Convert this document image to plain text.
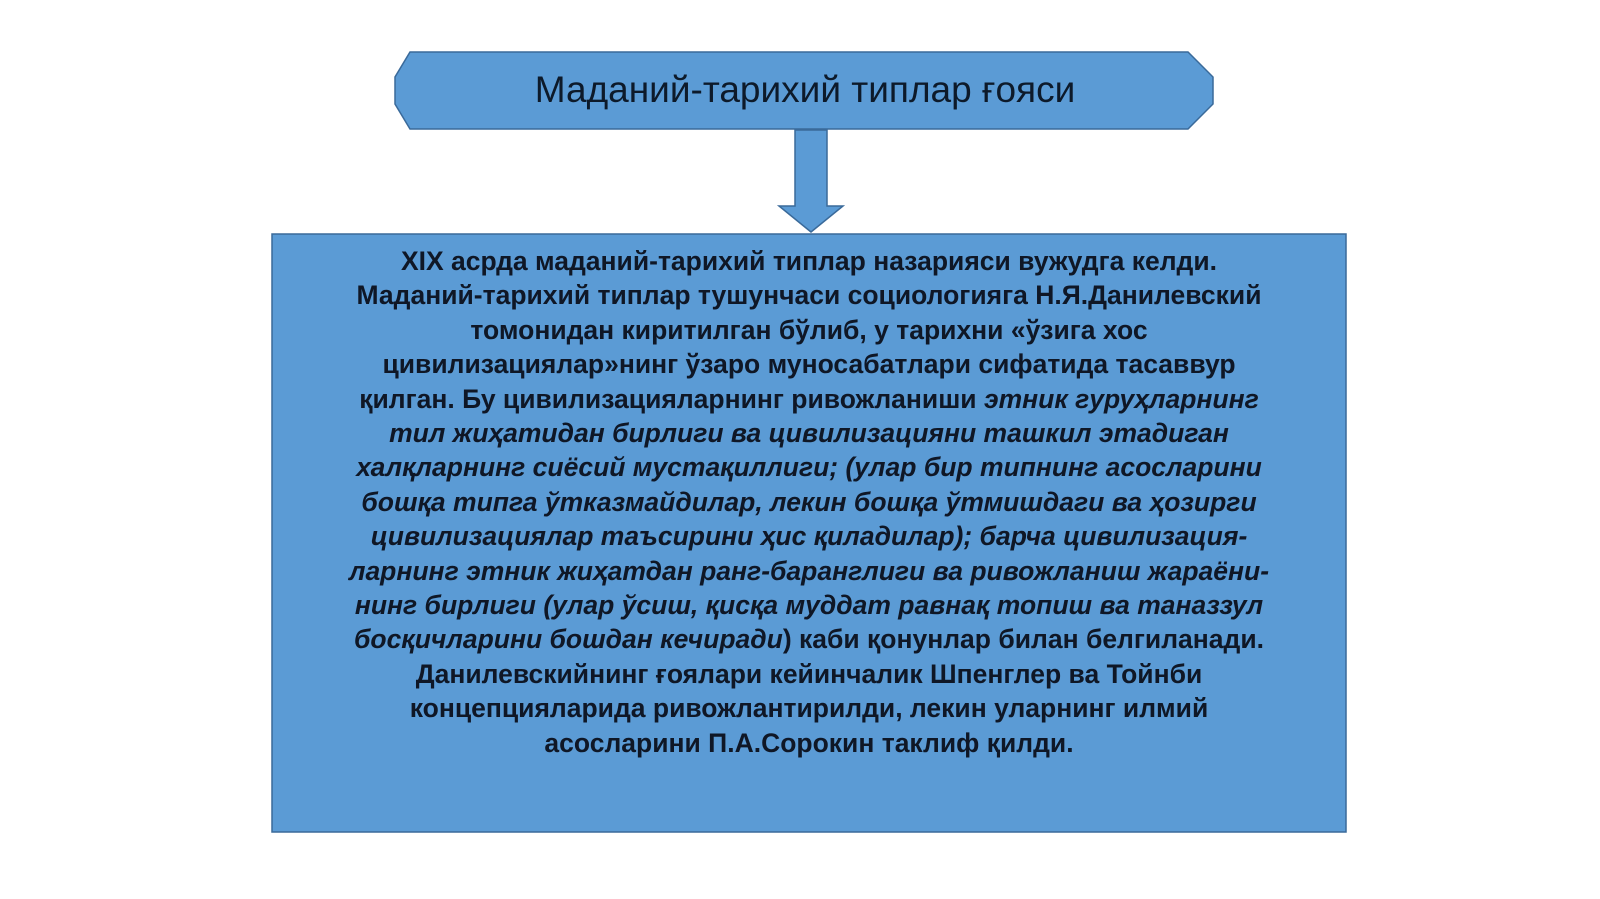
Маданий-тарихий типлар ғояси
XIX асрда маданий-тарихий типлар назарияси вужудга келди.
Маданий-тарихий типлар тушунчаси социологияга Н.Я.Данилевский
томонидан киритилган бўлиб, у тарихни «ўзига хос
цивилизациялар»нинг ўзаро муносабатлари сифатида тасаввур
қилган. Бу цивилизацияларнинг ривожланиши этник гуруҳларнинг
тил жиҳатидан бирлиги ва цивилизацияни ташкил этадиган
халқларнинг сиёсий мустақиллиги; (улар бир типнинг асосларини
бошқа типга ўтказмайдилар, лекин бошқа ўтмишдаги ва ҳозирги
цивилизациялар таъсирини ҳис қиладилар); барча цивилизация-
ларнинг этник жиҳатдан ранг-баранглиги ва ривожланиш жараёни-
нинг бирлиги (улар ўсиш, қисқа муддат равнақ топиш ва таназзул
босқичларини бошдан кечиради) каби қонунлар билан белгиланади.
Данилевскийнинг ғоялари кейинчалик Шпенглер ва Тойнби
концепцияларида ривожлантирилди, лекин уларнинг илмий
асосларини П.А.Сорокин таклиф қилди.
